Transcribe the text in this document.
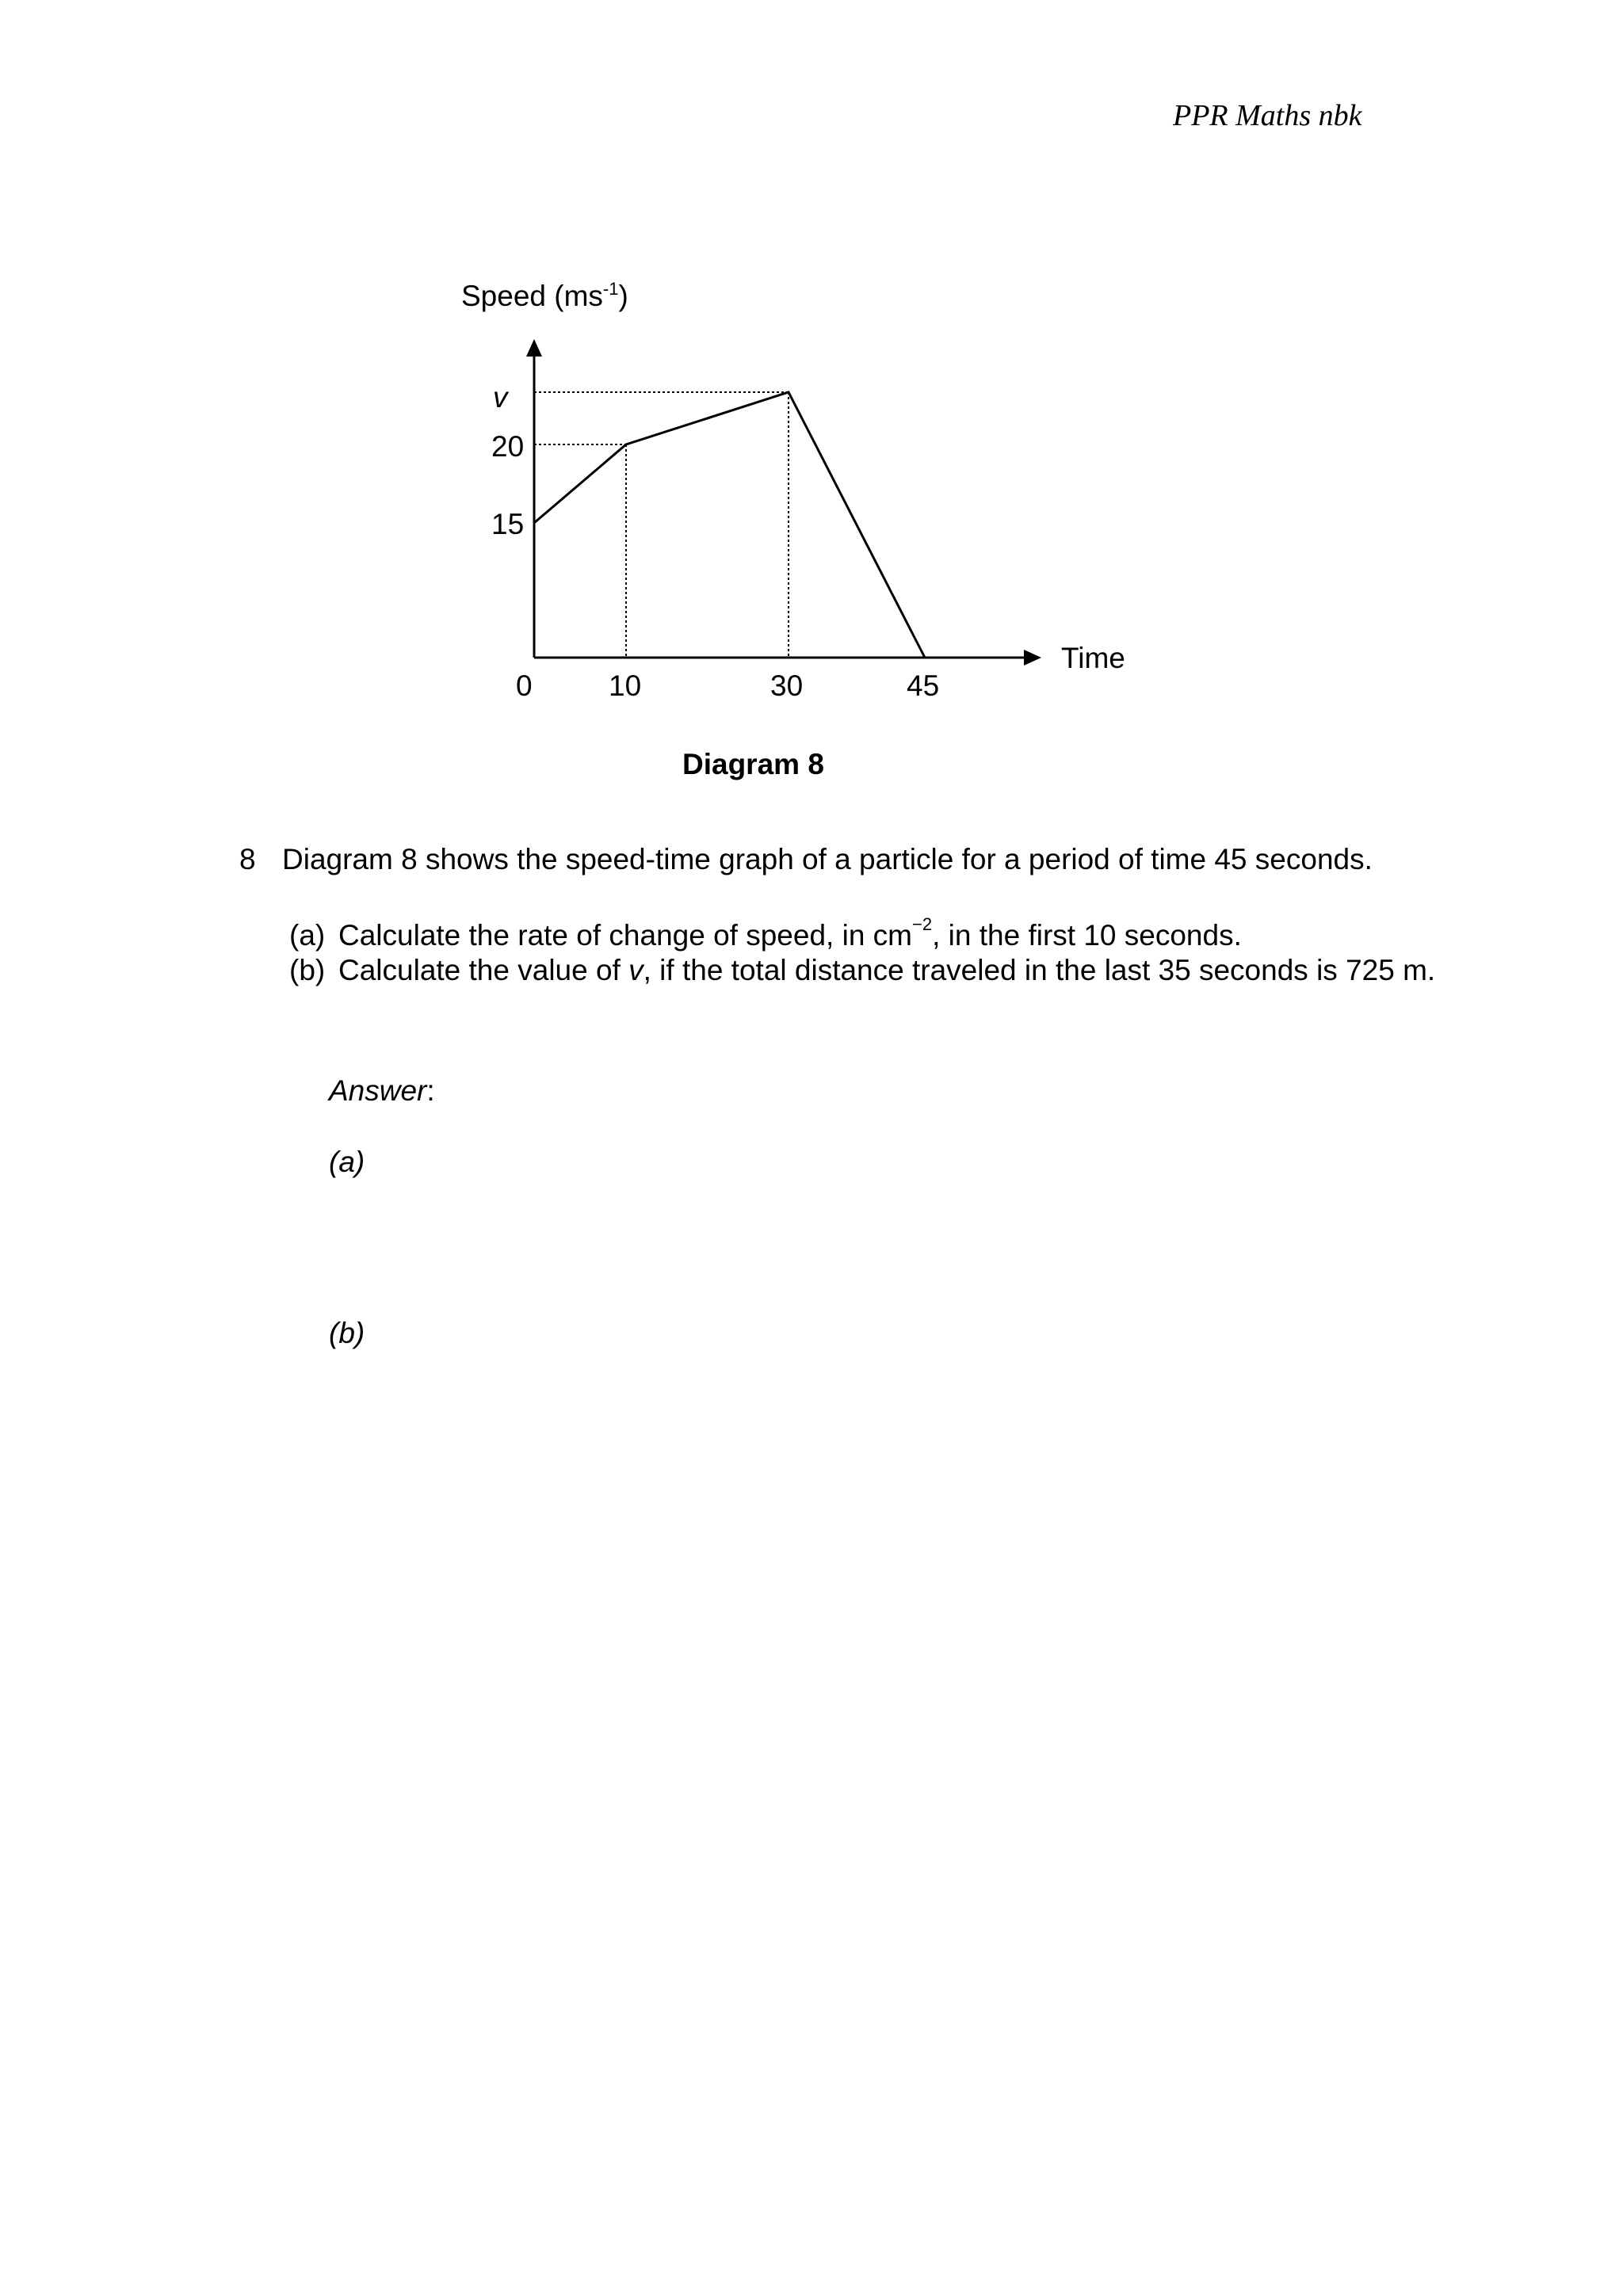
PPR Maths nbk
Speed $(ms^{-1})$
v
20
15
0	10	30	45
Time
Diagram 8
8 Diagram 8 shows the speed-time graph of a particle for a period of time 45 seconds.
(a) Calculate the rate of change of speed, in $cm^{-2}$, in the first 10 seconds.
(b) Calculate the value of v, if the total distance traveled in the last 35 seconds is 725 m.
Answer:
(a)
(b)
